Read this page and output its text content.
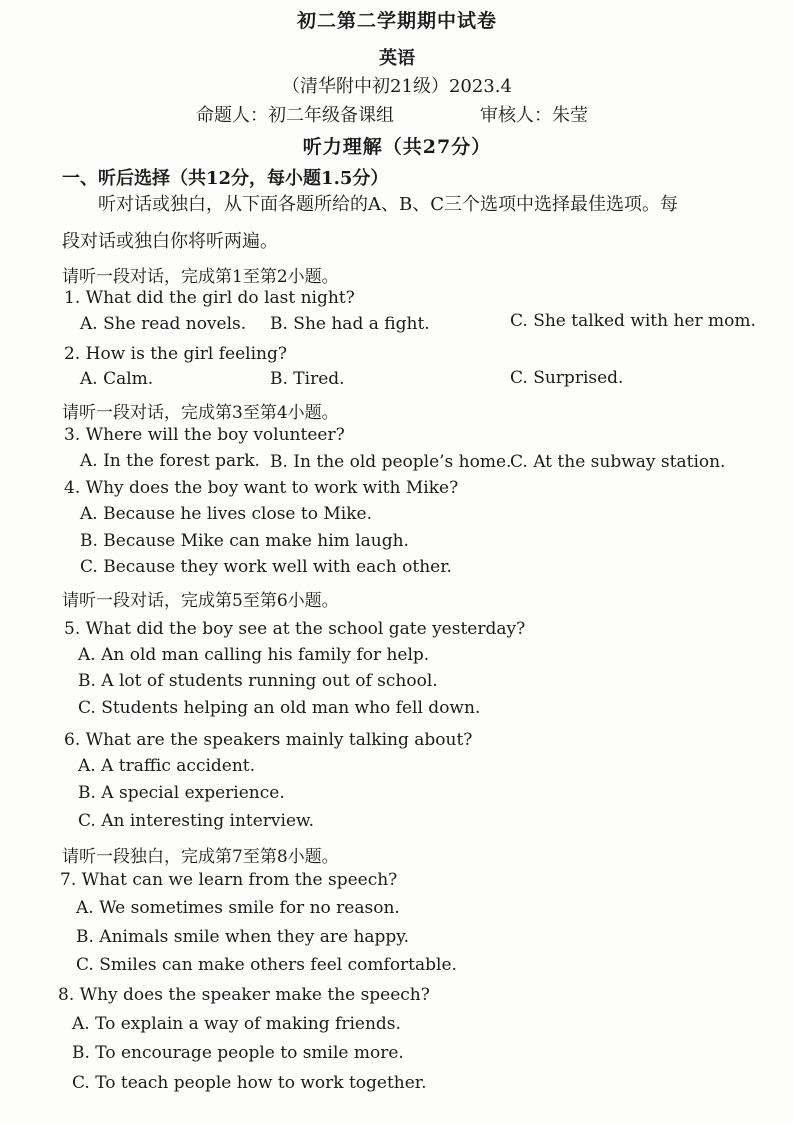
初二第二学期期中试卷
英语
（清华附中初21级）2023.4
命题人：初二年级备课组	审核人：朱莹
听力理解（共27分）
一、听后选择（共12分，每小题1.5分）
听对话或独白，从下面各题所给的A、B、C三个选项中选择最佳选项。每
段对话或独白你将听两遍。
请听一段对话，完成第1至第2小题。
1. What did the girl do last night?
A. She read novels. B. She had a fight.	C. She talked with her mom.
2. How is the girl feeling?
A. Calm.	B. Tired.	C. Surprised.
请听一段对话，完成第3至第4小题。
3. Where will the boy volunteer?
A. In the forest park. B. In the old people’s home.
C. At the subway station.
4. Why does the boy want to work with Mike?
A. Because he lives close to Mike.
B. Because Mike can make him laugh.
C. Because they work well with each other.
请听一段对话，完成第5至第6小题。
5. What did the boy see at the school gate yesterday?
A. An old man calling his family for help.
B. A lot of students running out of school.
C. Students helping an old man who fell down.
6. What are the speakers mainly talking about?
A. A traffic accident.
B. A special experience.
C. An interesting interview.
请听一段独白，完成第7至第8小题。
7. What can we learn from the speech?
A. We sometimes smile for no reason.
B. Animals smile when they are happy.
C. Smiles can make others feel comfortable.
8. Why does the speaker make the speech?
A. To explain a way of making friends.
B. To encourage people to smile more.
C. To teach people how to work together.
